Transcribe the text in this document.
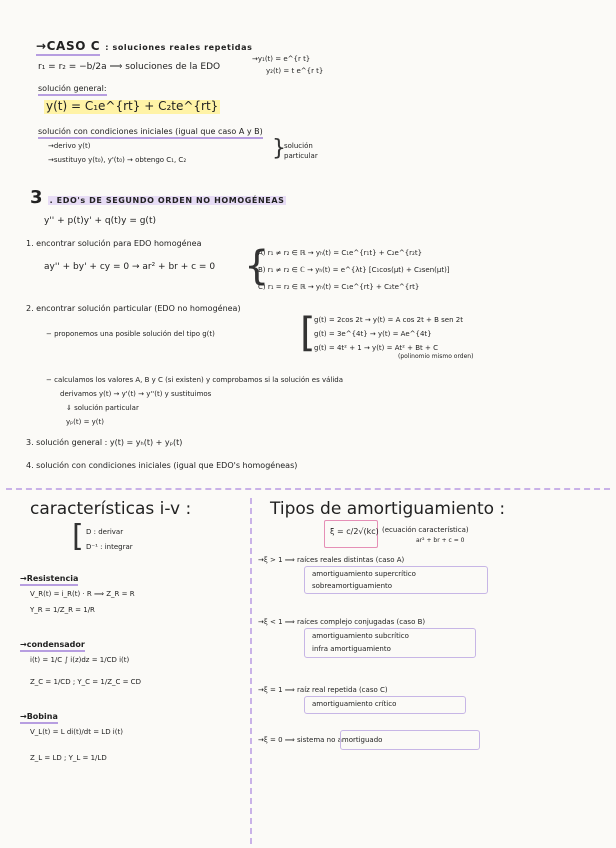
→CASO C : soluciones reales repetidas
r₁ = r₂ = −b/2a ⟹ soluciones de la EDO
→y₁(t) = e^{r t}
y₂(t) = t e^{r t}
solución general:
y(t) = C₁e^{rt} + C₂te^{rt}
solución con condiciones iniciales (igual que caso A y B)
→derivo y(t)
→sustituyo y(t₀), y'(t₀) → obtengo C₁, C₂	}
solución
particular
3 . EDO's DE SEGUNDO ORDEN NO HOMOGÉNEAS
y'' + p(t)y' + q(t)y = g(t)
1. encontrar solución para EDO homogénea
ay'' + by' + cy = 0 → ar² + br + c = 0 {
A) r₁ ≠ r₂ ∈ ℝ → yₕ(t) = C₁e^{r₁t} + C₂e^{r₂t}
B) r₁ ≠ r₂ ∈ ℂ → yₕ(t) = e^{λt} [C₁cos(μt) + C₂sen(μt)]
C) r₁ = r₂ ∈ ℝ → yₕ(t) = C₁e^{rt} + C₂te^{rt}
2. encontrar solución particular (EDO no homogénea)
− proponemos una posible solución del tipo g(t) [
g(t) = 2cos 2t → y(t) = A cos 2t + B sen 2t
g(t) = 3e^{4t} → y(t) = Ae^{4t}
g(t) = 4t² + 1 → y(t) = At² + Bt + C
(polinomio mismo orden)
− calculamos los valores A, B y C (si existen) y comprobamos si la solución es válida
derivamos y(t) → y'(t) → y''(t) y sustituimos
⇓ solución particular
yₚ(t) = y(t)
3. solución general : y(t) = yₕ(t) + yₚ(t)
4. solución con condiciones iniciales (igual que EDO's homogéneas)
características i-v :
[ D : derivar
D⁻¹ : integrar
→Resistencia
V_R(t) = i_R(t) · R ⟹ Z_R = R
Y_R = 1/Z_R = 1/R
→condensador
i(t) = 1/C ∫ i(z)dz = 1/CD i(t)
Z_C = 1/CD ; Y_C = 1/Z_C = CD
→Bobina
V_L(t) = L di(t)/dt = LD i(t)
Z_L = LD ; Y_L = 1/LD
Tipos de amortiguamiento :
ξ = c/2√(kc) (ecuación característica)
ar² + br + c = 0
→ξ > 1 ⟹ raíces reales distintas (caso A)
amortiguamiento supercrítico
sobreamortiguamiento
→ξ < 1 ⟹ raíces complejo conjugadas (caso B)
amortiguamiento subcrítico
infra amortiguamiento
→ξ = 1 ⟹ raíz real repetida (caso C)
amortiguamiento crítico
→ξ = 0 ⟹ sistema no amortiguado
